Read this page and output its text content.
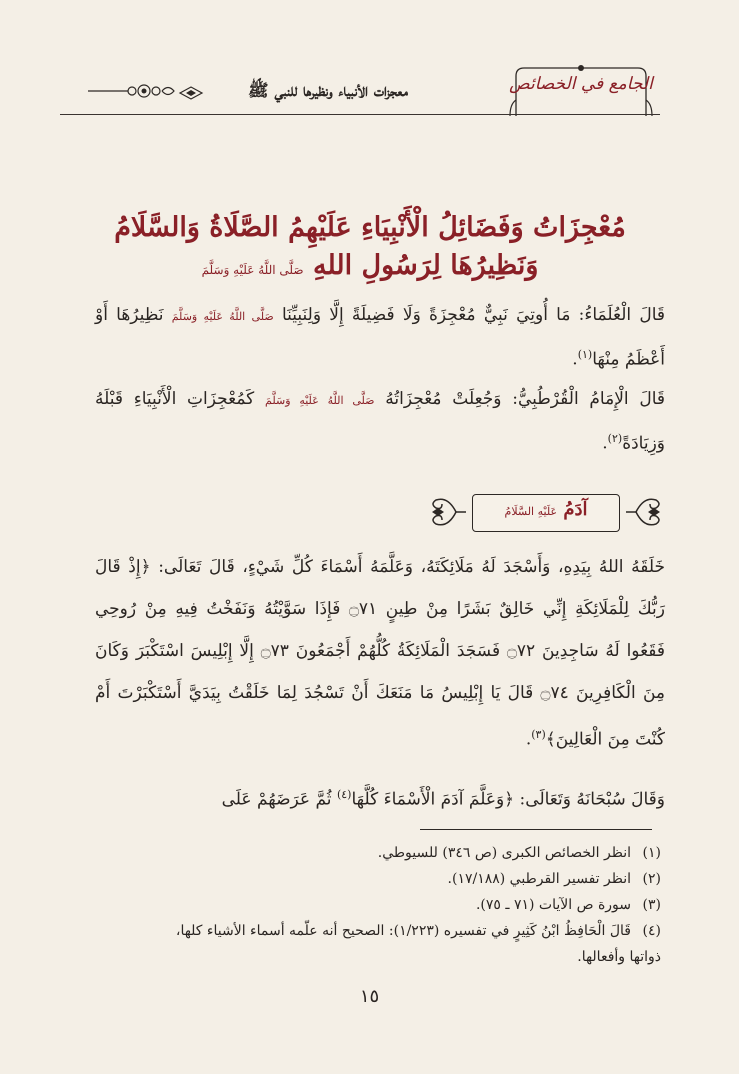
معجزات الأنبياء ونظيرها للنبي ﷺ	الجامع في الخصائص
مُعْجِزَاتُ وَفَضَائِلُ الْأَنْبِيَاءِ عَلَيْهِمُ الصَّلَاةُ وَالسَّلَامُ
وَنَظِيرُهَا لِرَسُولِ اللهِ صَلَّى اللَّهُ عَلَيْهِ وَسَلَّمَ
قَالَ الْعُلَمَاءُ: مَا أُوتِيَ نَبِيٌّ مُعْجِزَةً وَلَا فَضِيلَةً إِلَّا وَلِنَبِيِّنَا صَلَّى اللَّهُ عَلَيْهِ وَسَلَّمَ نَظِيرُهَا أَوْ أَعْظَمُ مِنْهَا$^{(١)}$.
قَالَ الْإِمَامُ الْقُرْطُبِيُّ: وَجُعِلَتْ مُعْجِزَاتُهُ صَلَّى اللَّهُ عَلَيْهِ وَسَلَّمَ كَمُعْجِزَاتِ الْأَنْبِيَاءِ قَبْلَهُ وَزِيَادَةً$^{(٢)}$.
آدَمُ عَلَيْهِ السَّلَامُ
خَلَقَهُ اللهُ بِيَدِهِ، وَأَسْجَدَ لَهُ مَلَائِكَتَهُ، وَعَلَّمَهُ أَسْمَاءَ كُلِّ شَيْءٍ، قَالَ تَعَالَى: ﴿إِذْ قَالَ رَبُّكَ لِلْمَلَائِكَةِ إِنِّي خَالِقٌ بَشَرًا مِنْ طِينٍ ۝٧١ فَإِذَا سَوَّيْتُهُ وَنَفَخْتُ فِيهِ مِنْ رُوحِي فَقَعُوا لَهُ سَاجِدِينَ ۝٧٢ فَسَجَدَ الْمَلَائِكَةُ كُلُّهُمْ أَجْمَعُونَ ۝٧٣ إِلَّا إِبْلِيسَ اسْتَكْبَرَ وَكَانَ مِنَ الْكَافِرِينَ ۝٧٤ قَالَ يَا إِبْلِيسُ مَا مَنَعَكَ أَنْ تَسْجُدَ لِمَا خَلَقْتُ بِيَدَيَّ أَسْتَكْبَرْتَ أَمْ كُنْتَ مِنَ الْعَالِينَ﴾$^{(٣)}$.
وَقَالَ سُبْحَانَهُ وَتَعَالَى: ﴿وَعَلَّمَ آدَمَ الْأَسْمَاءَ كُلَّهَا$^{(٤)}$ ثُمَّ عَرَضَهُمْ عَلَى
(١)انظر الخصائص الكبرى (ص ٣٤٦) للسيوطي.
(٢)انظر تفسير القرطبي (١٧/١٨٨).
(٣)سورة ص الآيات (٧١ ـ ٧٥).
(٤)قَالَ الْحَافِظُ ابْنُ كَثِيرٍ في تفسيره (١/٢٢٣): الصحيح أنه علّمه أسماء الأشياء كلها،
ذواتها وأفعالها.
١٥
